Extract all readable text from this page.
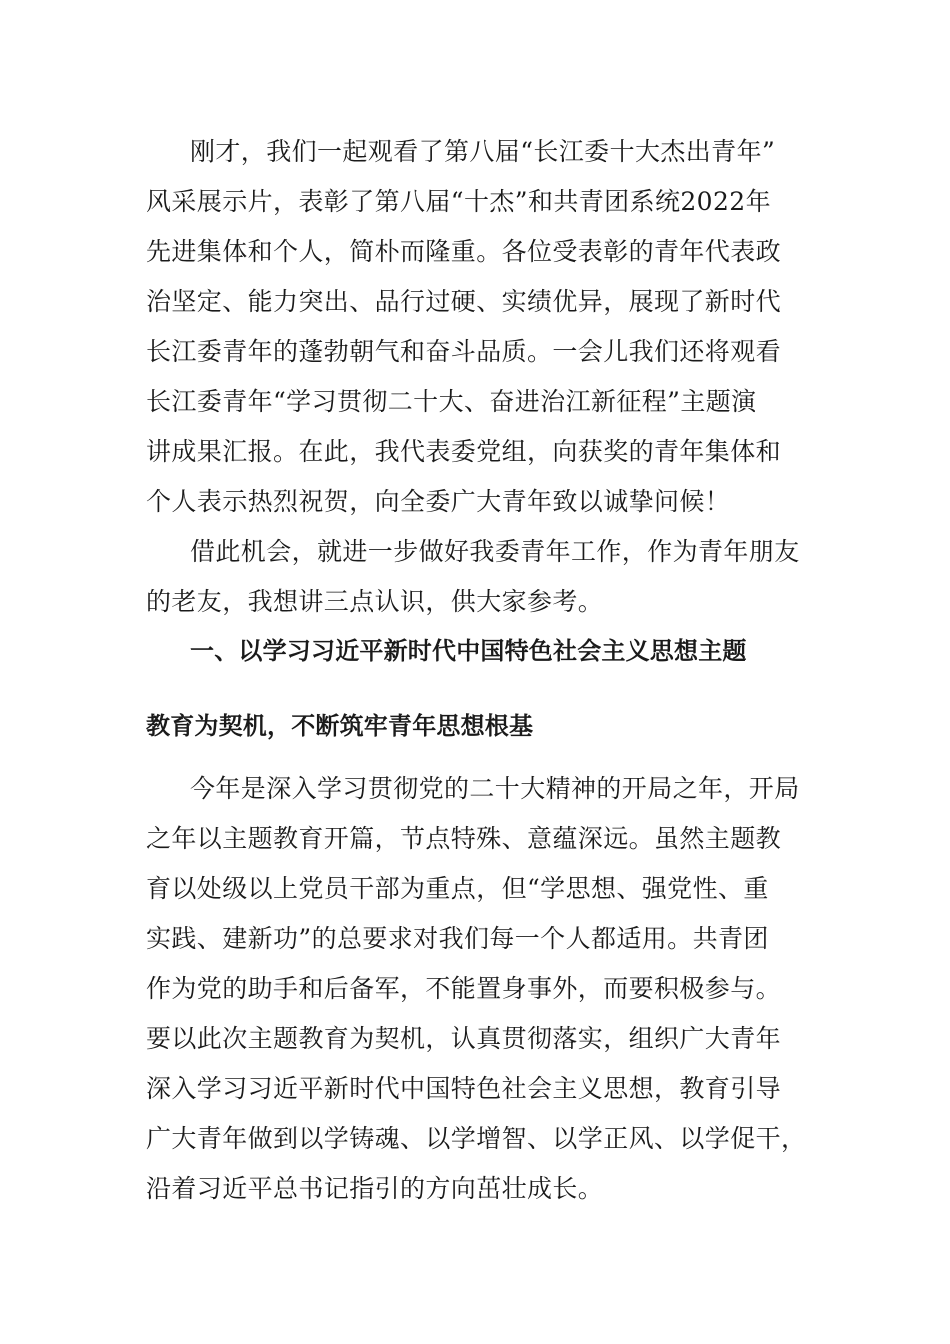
刚才，我们一起观看了第八届“长江委十大杰出青年”
风采展示片，表彰了第八届“十杰”和共青团系统2022年
先进集体和个人，简朴而隆重。各位受表彰的青年代表政
治坚定、能力突出、品行过硬、实绩优异，展现了新时代
长江委青年的蓬勃朝气和奋斗品质。一会儿我们还将观看
长江委青年“学习贯彻二十大、奋进治江新征程”主题演
讲成果汇报。在此，我代表委党组，向获奖的青年集体和
个人表示热烈祝贺，向全委广大青年致以诚挚问候！
借此机会，就进一步做好我委青年工作，作为青年朋友
的老友，我想讲三点认识，供大家参考。
一、以学习习近平新时代中国特色社会主义思想主题
教育为契机，不断筑牢青年思想根基
今年是深入学习贯彻党的二十大精神的开局之年，开局
之年以主题教育开篇，节点特殊、意蕴深远。虽然主题教
育以处级以上党员干部为重点，但“学思想、强党性、重
实践、建新功”的总要求对我们每一个人都适用。共青团
作为党的助手和后备军，不能置身事外，而要积极参与。
要以此次主题教育为契机，认真贯彻落实，组织广大青年
深入学习习近平新时代中国特色社会主义思想，教育引导
广大青年做到以学铸魂、以学增智、以学正风、以学促干，
沿着习近平总书记指引的方向茁壮成长。
